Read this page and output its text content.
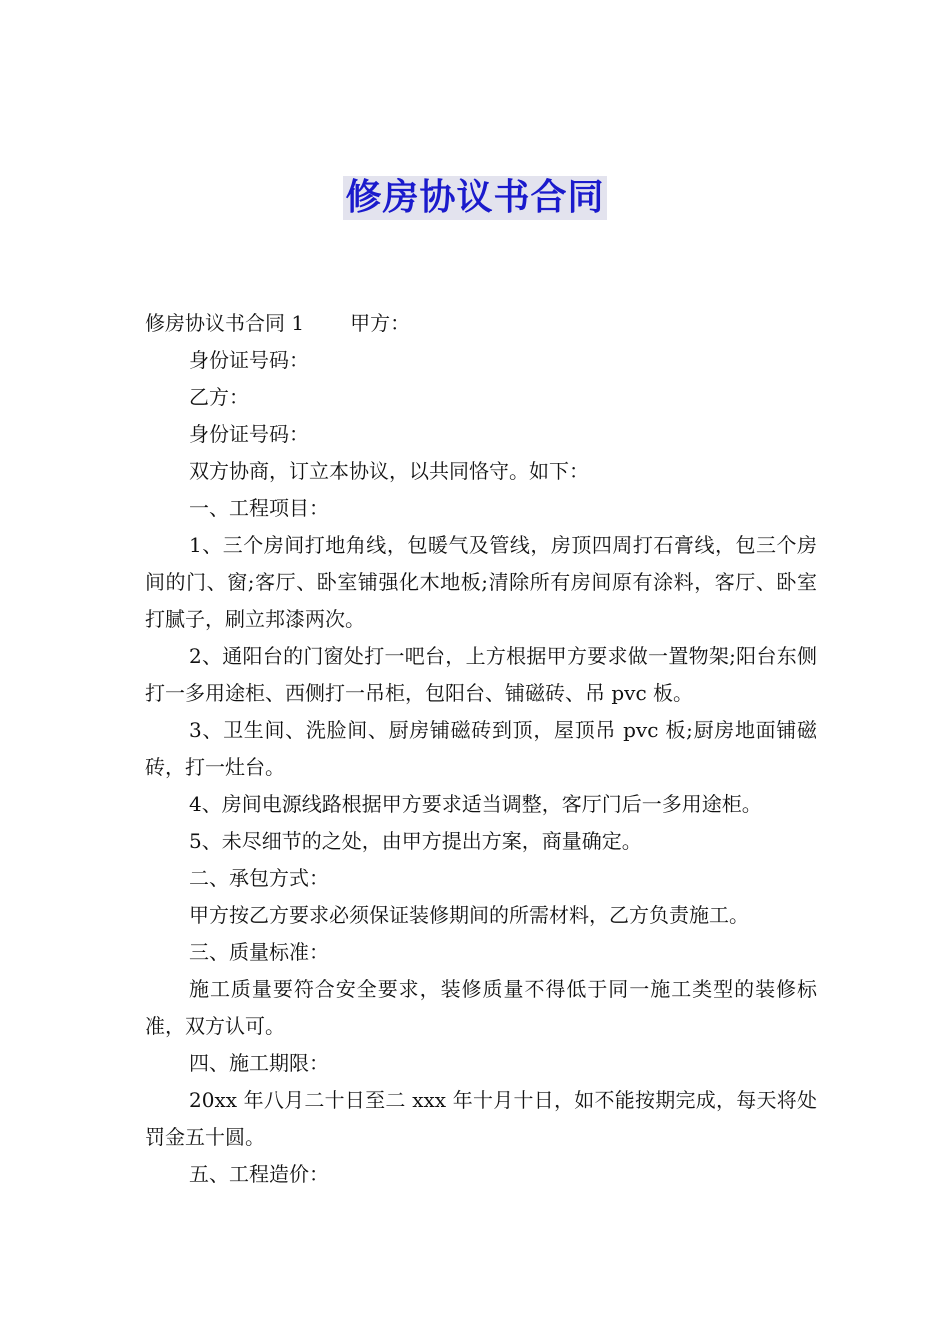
修房协议书合同

修房协议书合同 1 甲方：

身份证号码：

乙方：

身份证号码：

双方协商，订立本协议，以共同恪守。如下：

一、工程项目：

1、三个房间打地角线，包暖气及管线，房顶四周打石膏线，包三个房间的门、窗;客厅、卧室铺强化木地板;清除所有房间原有涂料，客厅、卧室打腻子，刷立邦漆两次。

2、通阳台的门窗处打一吧台，上方根据甲方要求做一置物架;阳台东侧打一多用途柜、西侧打一吊柜，包阳台、铺磁砖、吊 pvc 板。

3、卫生间、洗脸间、厨房铺磁砖到顶，屋顶吊 pvc 板;厨房地面铺磁砖，打一灶台。

4、房间电源线路根据甲方要求适当调整，客厅门后一多用途柜。

5、未尽细节的之处，由甲方提出方案，商量确定。

二、承包方式：

甲方按乙方要求必须保证装修期间的所需材料，乙方负责施工。

三、质量标准：

施工质量要符合安全要求，装修质量不得低于同一施工类型的装修标准，双方认可。

四、施工期限：

20xx 年八月二十日至二 xxx 年十月十日，如不能按期完成，每天将处罚金五十圆。

五、工程造价：
